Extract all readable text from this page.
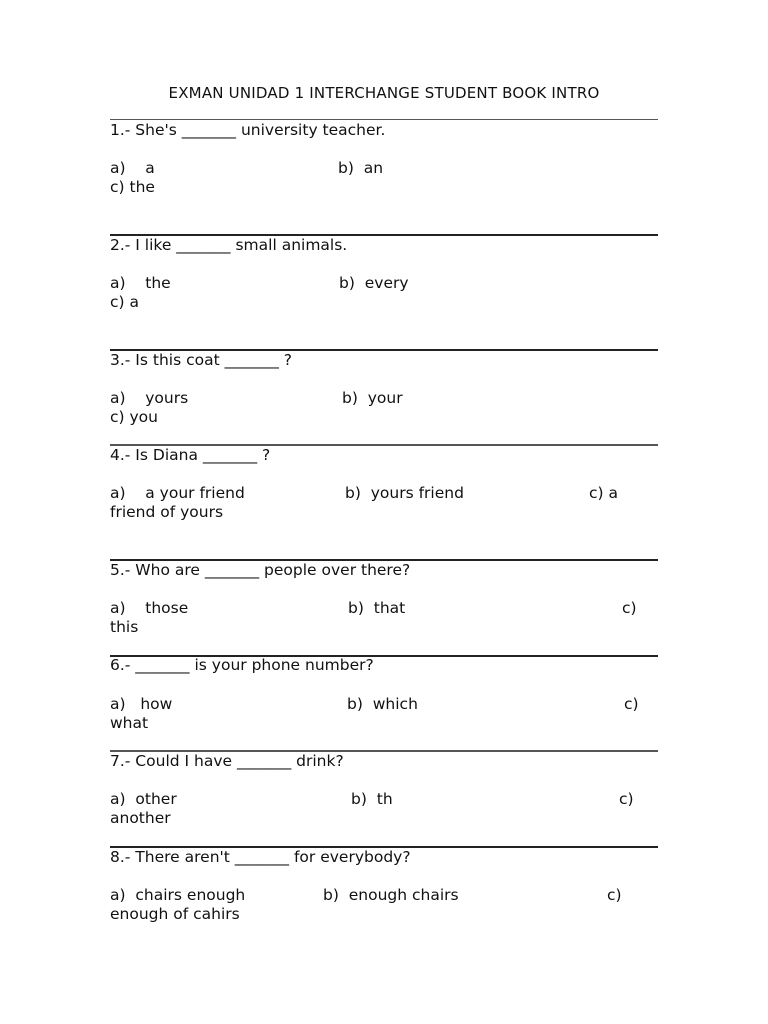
EXMAN UNIDAD 1 INTERCHANGE STUDENT BOOK INTRO
1.- She's _______ university teacher.
a)    a	b)  an
c) the
2.- I like _______ small animals.
a)    the	b)  every
c) a
3.- Is this coat _______ ?
a)    yours	b)  your
c) you
4.- Is Diana _______ ?
a)    a your friend	b)  yours friend	c) a
friend of yours
5.- Who are _______ people over there?
a)    those	b)  that	c)
this
6.- _______ is your phone number?
a)   how	b)  which	c)
what
7.- Could I have _______ drink?
a)  other	b)  th	c)
another
8.- There aren't _______ for everybody?
a)  chairs enough	b)  enough chairs	c)
enough of cahirs
